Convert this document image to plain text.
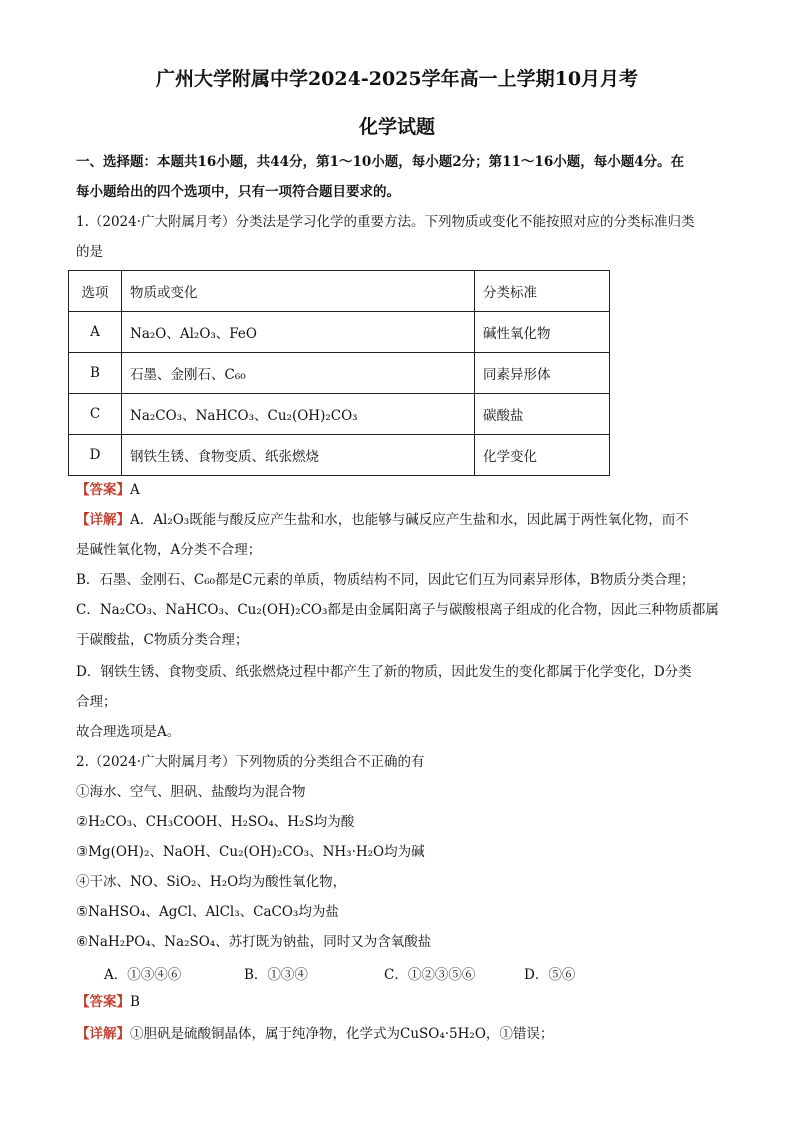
广州大学附属中学2024-2025学年高一上学期10月月考
化学试题
一、选择题：本题共16小题，共44分，第1～10小题，每小题2分；第11～16小题，每小题4分。在
每小题给出的四个选项中，只有一项符合题目要求的。
1.（2024·广大附属月考）分类法是学习化学的重要方法。下列物质或变化不能按照对应的分类标准归类
的是
选项	物质或变化	分类标准
A	Na₂O、Al₂O₃、FeO	碱性氧化物
B	石墨、金刚石、C₆₀	同素异形体
C	Na₂CO₃、NaHCO₃、Cu₂(OH)₂CO₃	碳酸盐
D	钢铁生锈、食物变质、纸张燃烧	化学变化
【答案】A
【详解】A．Al₂O₃既能与酸反应产生盐和水，也能够与碱反应产生盐和水，因此属于两性氧化物，而不
是碱性氧化物，A分类不合理；
B．石墨、金刚石、C₆₀都是C元素的单质，物质结构不同，因此它们互为同素异形体，B物质分类合理；
C．Na₂CO₃、NaHCO₃、Cu₂(OH)₂CO₃都是由金属阳离子与碳酸根离子组成的化合物，因此三种物质都属
于碳酸盐，C物质分类合理；
D．钢铁生锈、食物变质、纸张燃烧过程中都产生了新的物质，因此发生的变化都属于化学变化，D分类
合理；
故合理选项是A。
2.（2024·广大附属月考）下列物质的分类组合不正确的有
①海水、空气、胆矾、盐酸均为混合物
②H₂CO₃、CH₃COOH、H₂SO₄、H₂S均为酸
③Mg(OH)₂、NaOH、Cu₂(OH)₂CO₃、NH₃·H₂O均为碱
④干冰、NO、SiO₂、H₂O均为酸性氧化物，
⑤NaHSO₄、AgCl、AlCl₃、CaCO₃均为盐
⑥NaH₂PO₄、Na₂SO₄、苏打既为钠盐，同时又为含氧酸盐
A．①③④⑥	B．①③④	C．①②③⑤⑥	D．⑤⑥
【答案】B
【详解】①胆矾是硫酸铜晶体，属于纯净物，化学式为CuSO₄·5H₂O，①错误；
